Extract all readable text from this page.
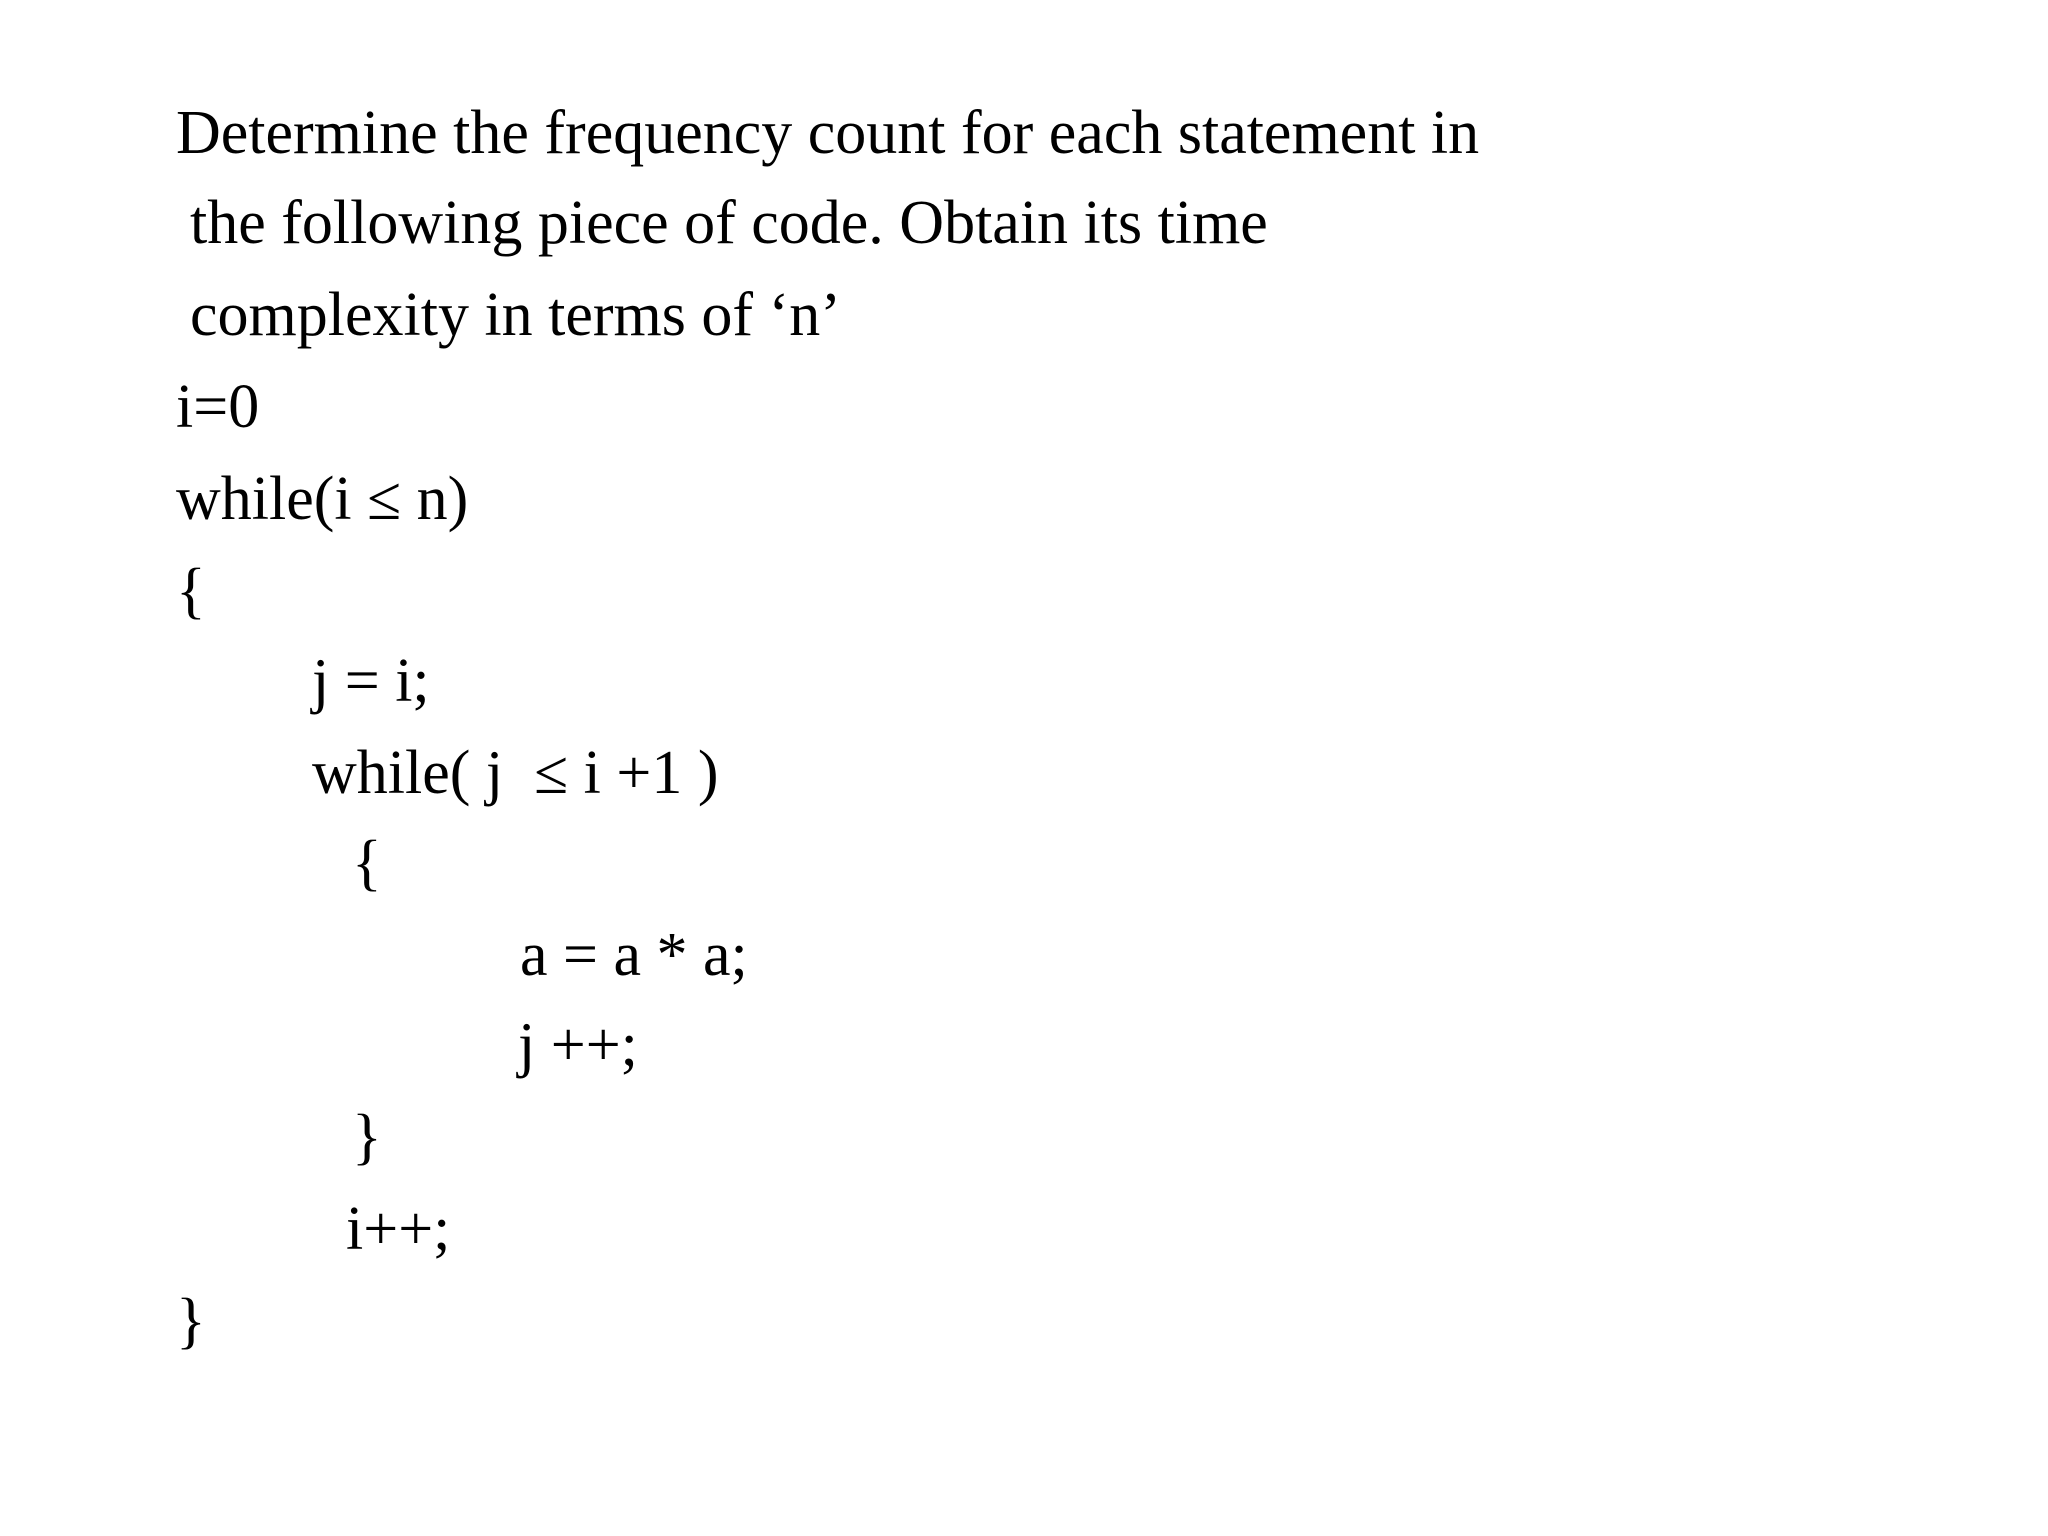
Determine the frequency count for each statement in
the following piece of code. Obtain its time
complexity in terms of ‘n’
i=0
while(i ≤ n)
{
j = i;
while( j  ≤ i +1 )
{
a = a * a;
j ++;
}
i++;
}
